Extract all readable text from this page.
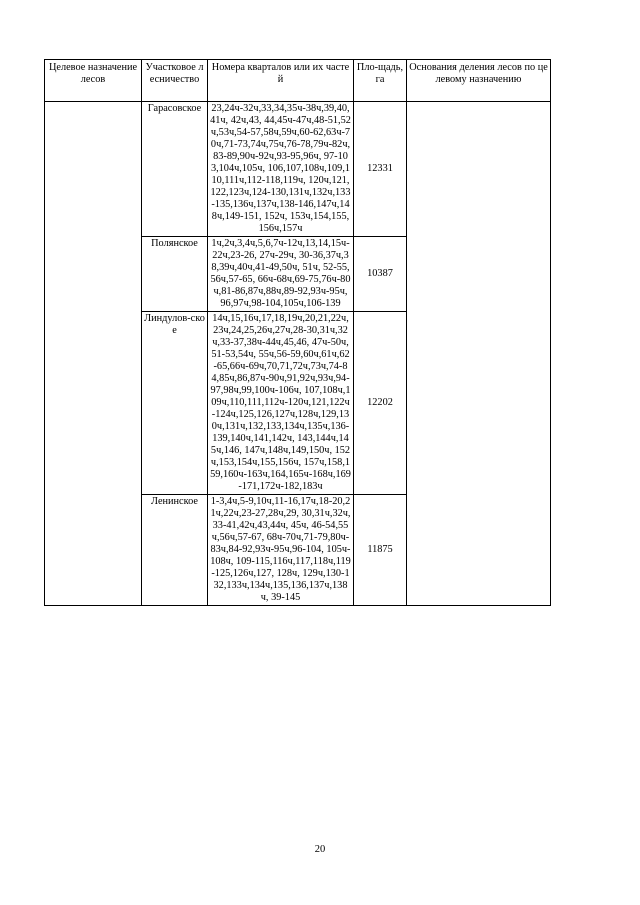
Целевое назначение лесов	Участковое лесничество	Номера кварталов или их частей	Пло-щадь, га	Основания деления лесов по целевому назначению
	Гарасовское	23,24ч-32ч,33,34,35ч-38ч,39,40,41ч, 42ч,43, 44,45ч-47ч,48-51,52ч,53ч,54-57,58ч,59ч,60-62,63ч-70ч,71-73,74ч,75ч,76-78,79ч-82ч,83-89,90ч-92ч,93-95,96ч, 97-103,104ч,105ч, 106,107,108ч,109,110,111ч,112-118,119ч, 120ч,121,122,123ч,124-130,131ч,132ч,133-135,136ч,137ч,138-146,147ч,148ч,149-151, 152ч, 153ч,154,155,156ч,157ч	12331	
	Полянское	1ч,2ч,3,4ч,5,6,7ч-12ч,13,14,15ч-22ч,23-26, 27ч-29ч, 30-36,37ч,38,39ч,40ч,41-49,50ч, 51ч, 52-55,56ч,57-65, 66ч-68ч,69-75,76ч-80ч,81-86,87ч,88ч,89-92,93ч-95ч, 96,97ч,98-104,105ч,106-139	10387	
	Линдулов-ское	14ч,15,16ч,17,18,19ч,20,21,22ч,23ч,24,25,26ч,27ч,28-30,31ч,32ч,33-37,38ч-44ч,45,46, 47ч-50ч,51-53,54ч, 55ч,56-59,60ч,61ч,62-65,66ч-69ч,70,71,72ч,73ч,74-84,85ч,86,87ч-90ч,91,92ч,93ч,94-97,98ч,99,100ч-106ч, 107,108ч,109ч,110,111,112ч-120ч,121,122ч-124ч,125,126,127ч,128ч,129,130ч,131ч,132,133,134ч,135ч,136-139,140ч,141,142ч, 143,144ч,145ч,146, 147ч,148ч,149,150ч, 152ч,153,154ч,155,156ч, 157ч,158,159,160ч-163ч,164,165ч-168ч,169-171,172ч-182,183ч	12202	
	Ленинское	1-3,4ч,5-9,10ч,11-16,17ч,18-20,21ч,22ч,23-27,28ч,29, 30,31ч,32ч,33-41,42ч,43,44ч, 45ч, 46-54,55ч,56ч,57-67, 68ч-70ч,71-79,80ч-83ч,84-92,93ч-95ч,96-104, 105ч-108ч, 109-115,116ч,117,118ч,119-125,126ч,127, 128ч, 129ч,130-132,133ч,134ч,135,136,137ч,138ч, 39-145	11875	
20
